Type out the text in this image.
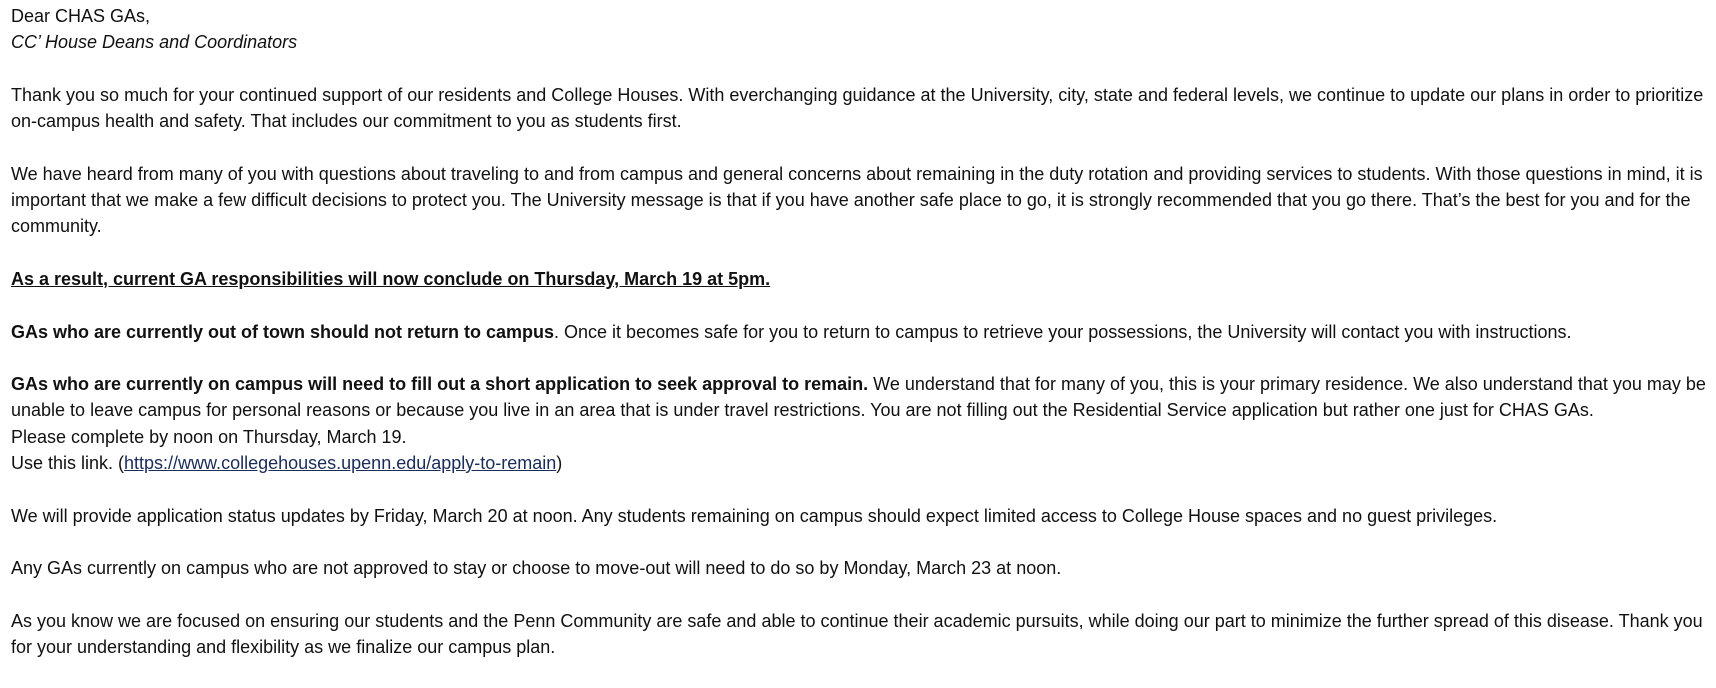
Dear CHAS GAs,

CC’ House Deans and Coordinators

Thank you so much for your continued support of our residents and College Houses. With everchanging guidance at the University, city, state and federal levels, we continue to update our plans in order to prioritize on-campus health and safety. That includes our commitment to you as students first.

We have heard from many of you with questions about traveling to and from campus and general concerns about remaining in the duty rotation and providing services to students. With those questions in mind, it is important that we make a few difficult decisions to protect you. The University message is that if you have another safe place to go, it is strongly recommended that you go there. That’s the best for you and for the community.

As a result, current GA responsibilities will now conclude on Thursday, March 19 at 5pm.

GAs who are currently out of town should not return to campus. Once it becomes safe for you to return to campus to retrieve your possessions, the University will contact you with instructions.

GAs who are currently on campus will need to fill out a short application to seek approval to remain. We understand that for many of you, this is your primary residence. We also understand that you may be unable to leave campus for personal reasons or because you live in an area that is under travel restrictions. You are not filling out the Residential Service application but rather one just for CHAS GAs.

Please complete by noon on Thursday, March 19.

Use this link. (https://www.collegehouses.upenn.edu/apply-to-remain)

We will provide application status updates by Friday, March 20 at noon. Any students remaining on campus should expect limited access to College House spaces and no guest privileges.

Any GAs currently on campus who are not approved to stay or choose to move-out will need to do so by Monday, March 23 at noon.

As you know we are focused on ensuring our students and the Penn Community are safe and able to continue their academic pursuits, while doing our part to minimize the further spread of this disease. Thank you for your understanding and flexibility as we finalize our campus plan.
